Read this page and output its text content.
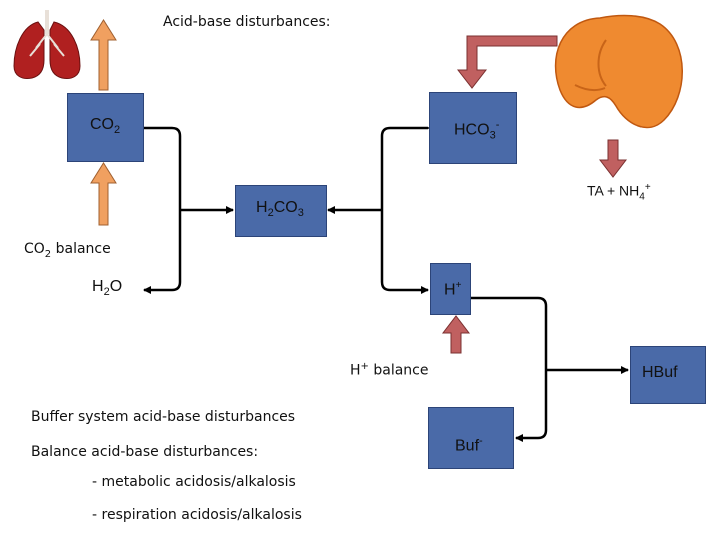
Acid-base disturbances:
$CO_2$	$HCO_3^-$
$H_2CO_3$
H+
HBuf
Buf-
TA + $NH_4^+$
$CO_2$ balance
$H_2O$
H+ balance
Buffer system acid-base disturbances
Balance acid-base disturbances:
- metabolic acidosis/alkalosis
- respiration acidosis/alkalosis
